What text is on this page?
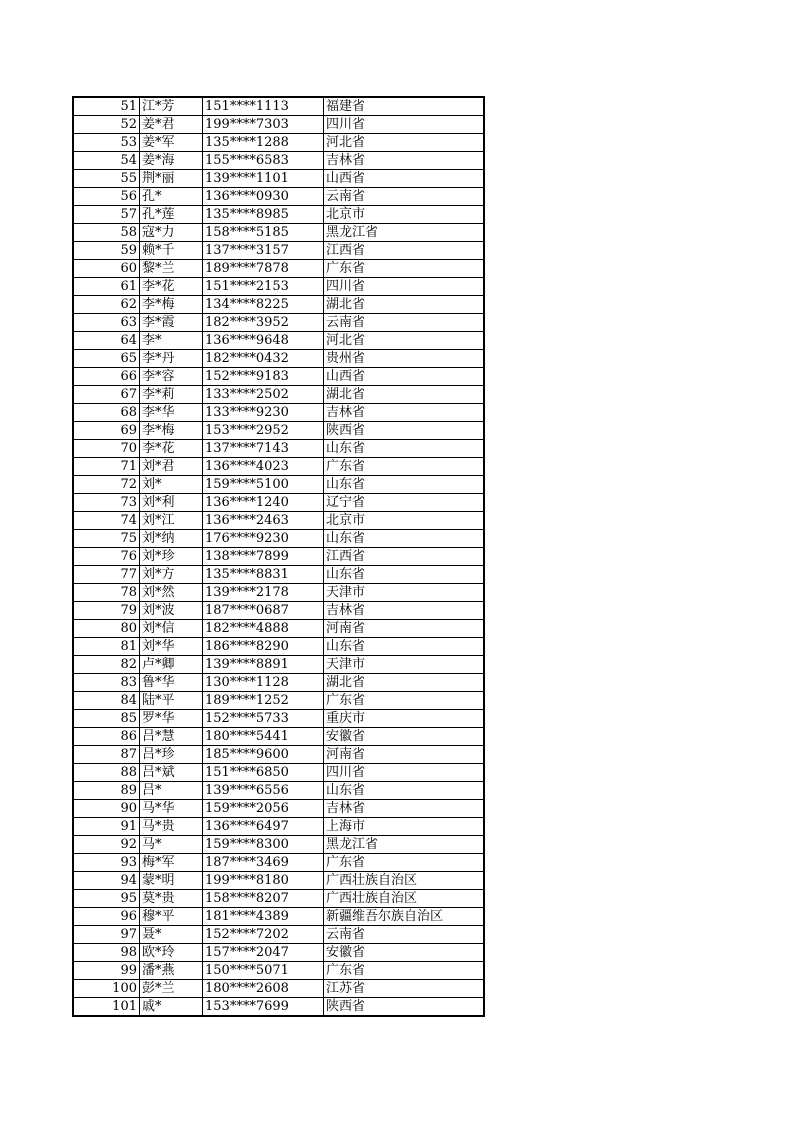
51	江*芳	151****1113	福建省
52	姜*君	199****7303	四川省
53	姜*军	135****1288	河北省
54	姜*海	155****6583	吉林省
55	荆*丽	139****1101	山西省
56	孔*	136****0930	云南省
57	孔*莲	135****8985	北京市
58	寇*力	158****5185	黑龙江省
59	赖*千	137****3157	江西省
60	黎*兰	189****7878	广东省
61	李*花	151****2153	四川省
62	李*梅	134****8225	湖北省
63	李*霞	182****3952	云南省
64	李*	136****9648	河北省
65	李*丹	182****0432	贵州省
66	李*容	152****9183	山西省
67	李*莉	133****2502	湖北省
68	李*华	133****9230	吉林省
69	李*梅	153****2952	陕西省
70	李*花	137****7143	山东省
71	刘*君	136****4023	广东省
72	刘*	159****5100	山东省
73	刘*利	136****1240	辽宁省
74	刘*江	136****2463	北京市
75	刘*纳	176****9230	山东省
76	刘*珍	138****7899	江西省
77	刘*方	135****8831	山东省
78	刘*然	139****2178	天津市
79	刘*波	187****0687	吉林省
80	刘*信	182****4888	河南省
81	刘*华	186****8290	山东省
82	卢*卿	139****8891	天津市
83	鲁*华	130****1128	湖北省
84	陆*平	189****1252	广东省
85	罗*华	152****5733	重庆市
86	吕*慧	180****5441	安徽省
87	吕*珍	185****9600	河南省
88	吕*斌	151****6850	四川省
89	吕*	139****6556	山东省
90	马*华	159****2056	吉林省
91	马*贵	136****6497	上海市
92	马*	159****8300	黑龙江省
93	梅*军	187****3469	广东省
94	蒙*明	199****8180	广西壮族自治区
95	莫*贵	158****8207	广西壮族自治区
96	穆*平	181****4389	新疆维吾尔族自治区
97	聂*	152****7202	云南省
98	欧*玲	157****2047	安徽省
99	潘*燕	150****5071	广东省
100	彭*兰	180****2608	江苏省
101	戚*	153****7699	陕西省
